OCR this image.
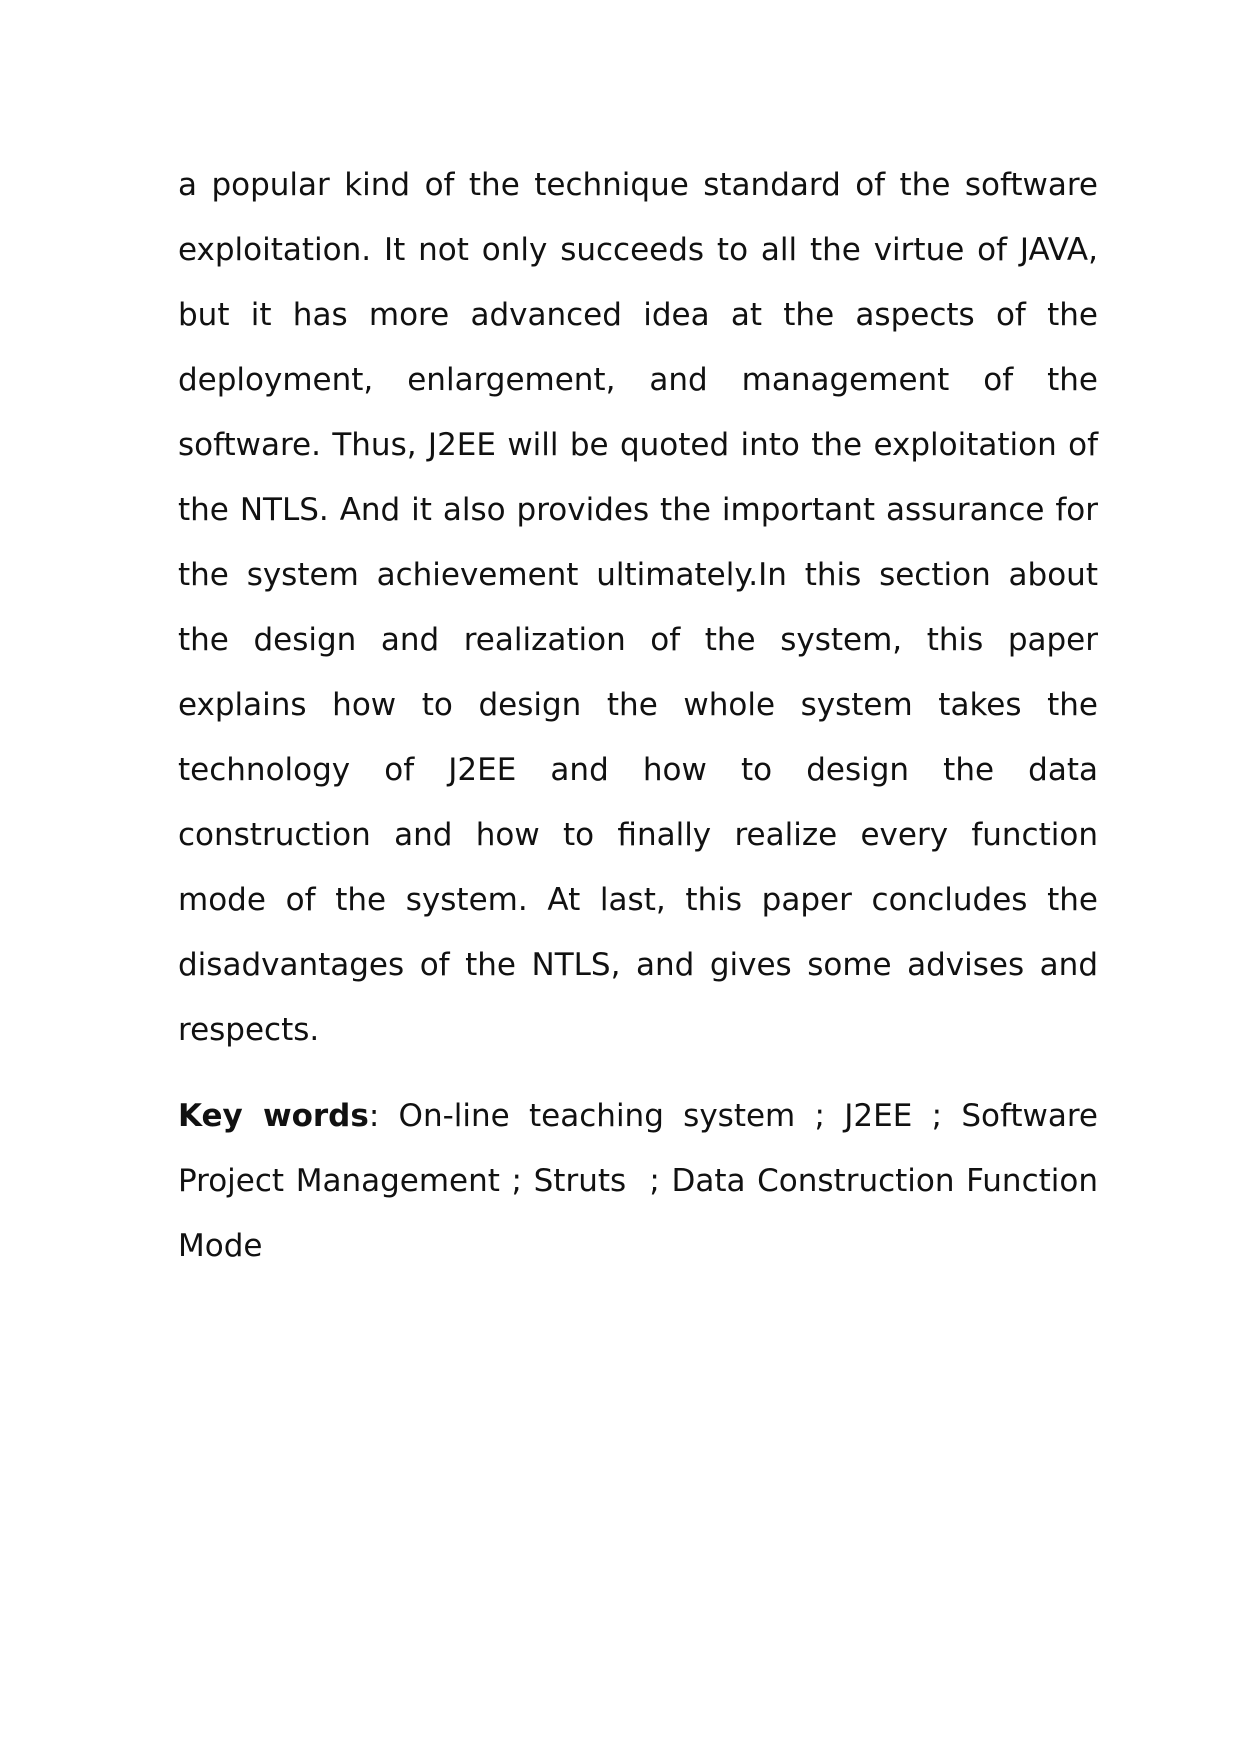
a popular kind of the technique standard of the software exploitation. It not only succeeds to all the virtue of JAVA, but it has more advanced idea at the aspects of the deployment, enlargement, and management of the software. Thus, J2EE will be quoted into the exploitation of the NTLS. And it also provides the important assurance for the system achievement ultimately.In this section about the design and realization of the system, this paper explains how to design the whole system takes the technology of J2EE and how to design the data construction and how to finally realize every function mode of the system. At last, this paper concludes the disadvantages of the NTLS, and gives some advises and respects.

Key words: On-line teaching system ; J2EE ; Software Project Management ; Struts  ; Data Construction Function Mode
